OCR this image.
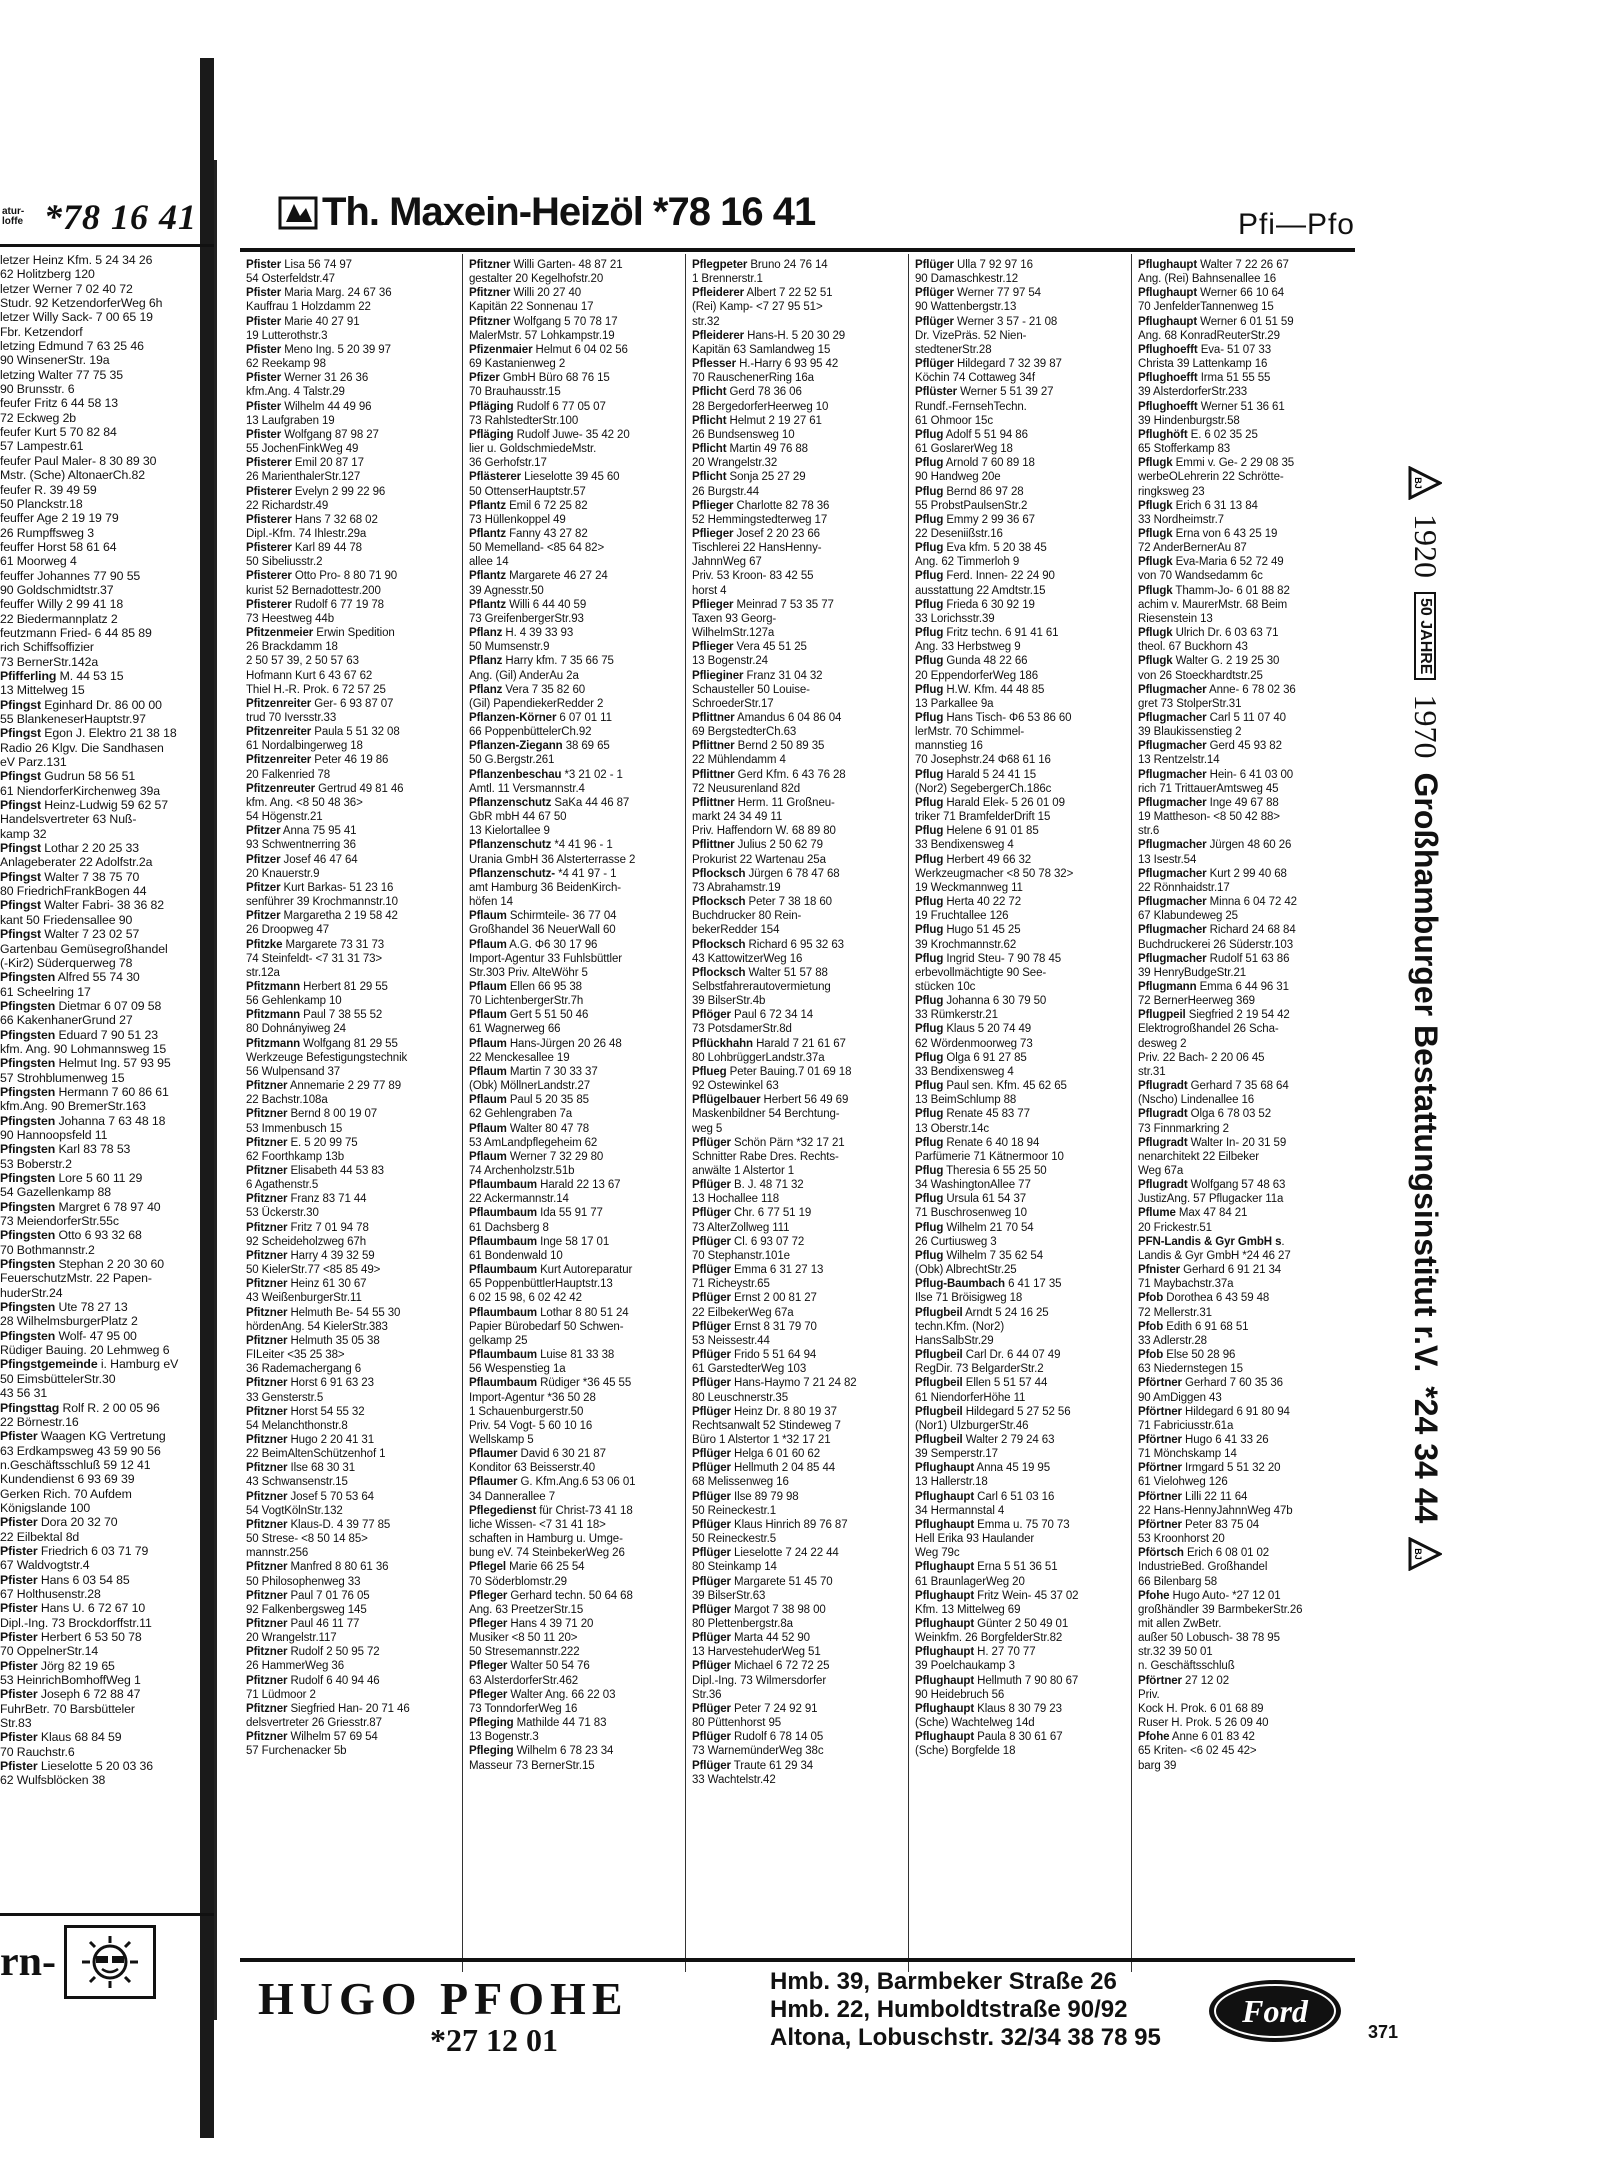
atur- loffe *78 16 41
letzer Heinz Kfm. 5 24 34 26
62 Holitzberg 120
letzer Werner 7 02 40 72
Studr. 92 KetzendorferWeg 6h
letzer Willy Sack- 7 00 65 19
Fbr. Ketzendorf
letzing Edmund 7 63 25 46
90 WinsenerStr. 19a
letzing Walter 77 75 35
90 Brunsstr. 6
feufer Fritz 6 44 58 13
72 Eckweg 2b
feufer Kurt 5 70 82 84
57 Lampestr.61
feufer Paul Maler- 8 30 89 30
Mstr. (Sche) AltonaerCh.82
feufer R. 39 49 59
50 Planckstr.18
feuffer Age 2 19 19 79
26 Rumpffsweg 3
feuffer Horst 58 61 64
61 Moorweg 4
feuffer Johannes 77 90 55
90 Goldschmidtstr.37
feuffer Willy 2 99 41 18
22 Biedermannplatz 2
feutzmann Fried- 6 44 85 89
rich Schiffsoffizier
73 BernerStr.142a
Pfifferling M. 44 53 15
13 Mittelweg 15
Pfingst Eginhard Dr. 86 00 00
55 BlankeneserHauptstr.97
Pfingst Egon J. Elektro 21 38 18
Radio 26 Klgv. Die Sandhasen
eV Parz.131
Pfingst Gudrun 58 56 51
61 NiendorferKirchenweg 39a
Pfingst Heinz-Ludwig 59 62 57
Handelsvertreter 63 Nuß-
kamp 32
Pfingst Lothar 2 20 25 33
Anlageberater 22 Adolfstr.2a
Pfingst Walter 7 38 75 70
80 FriedrichFrankBogen 44
Pfingst Walter Fabri- 38 36 82
kant 50 Friedensallee 90
Pfingst Walter 7 23 02 57
Gartenbau Gemüsegroßhandel
(-Kir2) Süderquerweg 78
Pfingsten Alfred 55 74 30
61 Scheelring 17
Pfingsten Dietmar 6 07 09 58
66 KakenhanerGrund 27
Pfingsten Eduard 7 90 51 23
kfm. Ang. 90 Lohmannsweg 15
Pfingsten Helmut Ing. 57 93 95
57 Strohblumenweg 15
Pfingsten Hermann 7 60 86 61
kfm.Ang. 90 BremerStr.163
Pfingsten Johanna 7 63 48 18
90 Hannoopsfeld 11
Pfingsten Karl 83 78 53
53 Boberstr.2
Pfingsten Lore 5 60 11 29
54 Gazellenkamp 88
Pfingsten Margret 6 78 97 40
73 MeiendorferStr.55c
Pfingsten Otto 6 93 32 68
70 Bothmannstr.2
Pfingsten Stephan 2 20 30 60
FeuerschutzMstr. 22 Papen-
huderStr.24
Pfingsten Ute 78 27 13
28 WilhelmsburgerPlatz 2
Pfingsten Wolf- 47 95 00
Rüdiger Bauing. 20 Lehmweg 6
Pfingstgemeinde i. Hamburg eV
50 EimsbüttelerStr.30
43 56 31
Pfingsttag Rolf R. 2 00 05 96
22 Börnestr.16
Pfister Waagen KG Vertretung
63 Erdkampsweg 43 59 90 56
n.Geschäftsschluß 59 12 41
Kundendienst 6 93 69 39
Gerken Rich. 70 Aufdem
Königslande 100
Pfister Dora 20 32 70
22 Eilbektal 8d
Pfister Friedrich 6 03 71 79
67 Waldvogtstr.4
Pfister Hans 6 03 54 85
67 Holthusenstr.28
Pfister Hans U. 6 72 67 10
Dipl.-Ing. 73 Brockdorffstr.11
Pfister Herbert 6 53 50 78
70 OppelnerStr.14
Pfister Jörg 82 19 65
53 HeinrichBomhoffWeg 1
Pfister Joseph 6 72 88 47
FuhrBetr. 70 Barsbütteler
Str.83
Pfister Klaus 68 84 59
70 Rauchstr.6
Pfister Lieselotte 5 20 03 36
62 Wulfsblöcken 38
rn-
Th. Maxein-Heizöl *78 16 41	Pfi—Pfo
Pfister Lisa 56 74 97
54 Osterfeldstr.47
Pfister Maria Marg. 24 67 36
Kauffrau 1 Holzdamm 22
Pfister Marie 40 27 91
19 Lutterothstr.3
Pfister Meno Ing. 5 20 39 97
62 Reekamp 98
Pfister Werner 31 26 36
kfm.Ang. 4 Talstr.29
Pfister Wilhelm 44 49 96
13 Laufgraben 19
Pfister Wolfgang 87 98 27
55 JochenFinkWeg 49
Pfisterer Emil 20 87 17
26 MarienthalerStr.127
Pfisterer Evelyn 2 99 22 96
22 Richardstr.49
Pfisterer Hans 7 32 68 02
Dipl.-Kfm. 74 Ihlestr.29a
Pfisterer Karl 89 44 78
50 Sibeliusstr.2
Pfisterer Otto Pro- 8 80 71 90
kurist 52 Bernadottestr.200
Pfisterer Rudolf 6 77 19 78
73 Heestweg 44b
Pfitzenmeier Erwin Spedition
26 Brackdamm 18
2 50 57 39, 2 50 57 63
Hofmann Kurt 6 43 67 62
Thiel H.-R. Prok. 6 72 57 25
Pfitzenreiter Ger- 6 93 87 07
trud 70 Iversstr.33
Pfitzenreiter Paula 5 51 32 08
61 Nordalbingerweg 18
Pfitzenreiter Peter 46 19 86
20 Falkenried 78
Pfitzenreuter Gertrud 49 81 46
kfm. Ang. <8 50 48 36>
54 Högenstr.21
Pfitzer Anna 75 95 41
93 Schwentnerring 36
Pfitzer Josef 46 47 64
20 Knauerstr.9
Pfitzer Kurt Barkas- 51 23 16
senführer 39 Krochmannstr.10
Pfitzer Margaretha 2 19 58 42
26 Droopweg 47
Pfitzke Margarete 73 31 73
74 Steinfeldt- <7 31 31 73>
str.12a
Pfitzmann Herbert 81 29 55
56 Gehlenkamp 10
Pfitzmann Paul 7 38 55 52
80 Dohnányiweg 24
Pfitzmann Wolfgang 81 29 55
Werkzeuge Befestigungstechnik
56 Wulpensand 37
Pfitzner Annemarie 2 29 77 89
22 Bachstr.108a
Pfitzner Bernd 8 00 19 07
53 Immenbusch 15
Pfitzner E. 5 20 99 75
62 Foorthkamp 13b
Pfitzner Elisabeth 44 53 83
6 Agathenstr.5
Pfitzner Franz 83 71 44
53 Ückerstr.30
Pfitzner Fritz 7 01 94 78
92 Scheideholzweg 67h
Pfitzner Harry 4 39 32 59
50 KielerStr.77 <85 85 49>
Pfitzner Heinz 61 30 67
43 WeißenburgerStr.11
Pfitzner Helmuth Be- 54 55 30
hördenAng. 54 KielerStr.383
Pfitzner Helmuth 35 05 38
FILeiter <35 25 38>
36 Rademachergang 6
Pfitzner Horst 6 91 63 23
33 Gensterstr.5
Pfitzner Horst 54 55 32
54 Melanchthonstr.8
Pfitzner Hugo 2 20 41 31
22 BeimAltenSchützenhof 1
Pfitzner Ilse 68 30 31
43 Schwansenstr.15
Pfitzner Josef 5 70 53 64
54 VogtKölnStr.132
Pfitzner Klaus-D. 4 39 77 85
50 Strese- <8 50 14 85>
mannstr.256
Pfitzner Manfred 8 80 61 36
50 Philosophenweg 33
Pfitzner Paul 7 01 76 05
92 Falkenbergsweg 145
Pfitzner Paul 46 11 77
20 Wrangelstr.117
Pfitzner Rudolf 2 50 95 72
26 HammerWeg 36
Pfitzner Rudolf 6 40 94 46
71 Lüdmoor 2
Pfitzner Siegfried Han- 20 71 46
delsvertreter 26 Griesstr.87
Pfitzner Wilhelm 57 69 54
57 Furchenacker 5b
Pfitzner Willi Garten- 48 87 21
gestalter 20 Kegelhofstr.20
Pfitzner Willi 20 27 40
Kapitän 22 Sonnenau 17
Pfitzner Wolfgang 5 70 78 17
MalerMstr. 57 Lohkampstr.19
Pfizenmaier Helmut 6 04 02 56
69 Kastanienweg 2
Pfizer GmbH Büro 68 76 15
70 Brauhausstr.15
Pfläging Rudolf 6 77 05 07
73 RahlstedterStr.100
Pfläging Rudolf Juwe- 35 42 20
lier u. GoldschmiedeMstr.
36 Gerhofstr.17
Pflästerer Lieselotte 39 45 60
50 OttenserHauptstr.57
Pflantz Emil 6 72 25 82
73 Hüllenkoppel 49
Pflantz Fanny 43 27 82
50 Memelland- <85 64 82>
allee 14
Pflantz Margarete 46 27 24
39 Agnesstr.50
Pflantz Willi 6 44 40 59
73 GreifenbergerStr.93
Pflanz H. 4 39 33 93
50 Mumsenstr.9
Pflanz Harry kfm. 7 35 66 75
Ang. (Gil) AnderAu 2a
Pflanz Vera 7 35 82 60
(Gil) PapendiekerRedder 2
Pflanzen-Körner 6 07 01 11
66 PoppenbüttelerCh.92
Pflanzen-Ziegann 38 69 65
50 G.Bergstr.261
Pflanzenbeschau *3 21 02 - 1
Amtl. 11 Versmannstr.4
Pflanzenschutz SaKa 44 46 87
GbR mbH 44 67 50
13 Kielortallee 9
Pflanzenschutz *4 41 96 - 1
Urania GmbH 36 Alsterterrasse 2
Pflanzenschutz- *4 41 97 - 1
amt Hamburg 36 BeidenKirch-
höfen 14
Pflaum Schirmteile- 36 77 04
Großhandel 36 NeuerWall 60
Pflaum A.G. Φ6 30 17 96
Import-Agentur 33 Fuhlsbüttler
Str.303 Priv. AlteWöhr 5
Pflaum Ellen 66 95 38
70 LichtenbergerStr.7h
Pflaum Gert 5 51 50 46
61 Wagnerweg 66
Pflaum Hans-Jürgen 20 26 48
22 Menckesallee 19
Pflaum Martin 7 30 33 37
(Obk) MöllnerLandstr.27
Pflaum Paul 5 20 35 85
62 Gehlengraben 7a
Pflaum Walter 80 47 78
53 AmLandpflegeheim 62
Pflaum Werner 7 32 29 80
74 Archenholzstr.51b
Pflaumbaum Harald 22 13 67
22 Ackermannstr.14
Pflaumbaum Ida 55 91 77
61 Dachsberg 8
Pflaumbaum Inge 58 17 01
61 Bondenwald 10
Pflaumbaum Kurt Autoreparatur
65 PoppenbüttlerHauptstr.13
6 02 15 98, 6 02 42 42
Pflaumbaum Lothar 8 80 51 24
Papier Bürobedarf 50 Schwen-
gelkamp 25
Pflaumbaum Luise 81 33 38
56 Wespenstieg 1a
Pflaumbaum Rüdiger *36 45 55
Import-Agentur *36 50 28
1 Schauenburgerstr.50
Priv. 54 Vogt- 5 60 10 16
Wellskamp 5
Pflaumer David 6 30 21 87
Konditor 63 Beisserstr.40
Pflaumer G. Kfm.Ang.6 53 06 01
34 Dannerallee 7
Pflegedienst für Christ-73 41 18
liche Wissen- <7 31 41 18>
schaften in Hamburg u. Umge-
bung eV. 74 SteinbekerWeg 26
Pflegel Marie 66 25 54
70 Söderblomstr.29
Pfleger Gerhard techn. 50 64 68
Ang. 63 PreetzerStr.15
Pfleger Hans 4 39 71 20
Musiker <8 50 11 20>
50 Stresemannstr.222
Pfleger Walter 50 54 76
63 AlsterdorferStr.462
Pfleger Walter Ang. 66 22 03
73 TonndorferWeg 16
Pfleging Mathilde 44 71 83
13 Bogenstr.3
Pfleging Wilhelm 6 78 23 34
Masseur 73 BernerStr.15
Pflegpeter Bruno 24 76 14
1 Brennerstr.1
Pfleiderer Albert 7 22 52 51
(Rei) Kamp- <7 27 95 51>
str.32
Pfleiderer Hans-H. 5 20 30 29
Kapitän 63 Samlandweg 15
Pflesser H.-Harry 6 93 95 42
70 RauschenerRing 16a
Pflicht Gerd 78 36 06
28 BergedorferHeerweg 10
Pflicht Helmut 2 19 27 61
26 Bundsensweg 10
Pflicht Martin 49 76 88
20 Wrangelstr.32
Pflicht Sonja 25 27 29
26 Burgstr.44
Pflieger Charlotte 82 78 36
52 Hemmingstedterweg 17
Pflieger Josef 2 20 23 66
Tischlerei 22 HansHenny-
JahnnWeg 67
Priv. 53 Kroon- 83 42 55
horst 4
Pflieger Meinrad 7 53 35 77
Taxen 93 Georg-
WilhelmStr.127a
Pflieger Vera 45 51 25
13 Bogenstr.24
Pflieginer Franz 31 04 32
Schausteller 50 Louise-
SchroederStr.17
Pflittner Amandus 6 04 86 04
69 BergstedterCh.63
Pflittner Bernd 2 50 89 35
22 Mühlendamm 4
Pflittner Gerd Kfm. 6 43 76 28
72 Neusurenland 82d
Pflittner Herm. 11 Großneu-
markt 24 34 49 11
Priv. Haffendorn W. 68 89 80
Pflittner Julius 2 50 62 79
Prokurist 22 Wartenau 25a
Pflocksch Jürgen 6 78 47 68
73 Abrahamstr.19
Pflocksch Peter 7 38 18 60
Buchdrucker 80 Rein-
bekerRedder 154
Pflocksch Richard 6 95 32 63
43 KattowitzerWeg 16
Pflocksch Walter 51 57 88
Selbstfahrerautovermietung
39 BilserStr.4b
Pflöger Paul 6 72 34 14
73 PotsdamerStr.8d
Pflückhahn Harald 7 21 61 67
80 LohbrüggerLandstr.37a
Pflueg Peter Bauing.7 01 69 18
92 Ostewinkel 63
Pflügelbauer Herbert 56 49 69
Maskenbildner 54 Berchtung-
weg 5
Pflüger Schön Pärn *32 17 21
Schnitter Rabe Dres. Rechts-
anwälte 1 Alstertor 1
Pflüger B. J. 48 71 32
13 Hochallee 118
Pflüger Chr. 6 77 51 19
73 AlterZollweg 111
Pflüger Cl. 6 93 07 72
70 Stephanstr.101e
Pflüger Emma 6 31 27 13
71 Richeystr.65
Pflüger Ernst 2 00 81 27
22 EilbekerWeg 67a
Pflüger Ernst 8 31 79 70
53 Neissestr.44
Pflüger Frido 5 51 64 94
61 GarstedterWeg 103
Pflüger Hans-Haymo 7 21 24 82
80 Leuschnerstr.35
Pflüger Heinz Dr. 8 80 19 37
Rechtsanwalt 52 Stindeweg 7
Büro 1 Alstertor 1 *32 17 21
Pflüger Helga 6 01 60 62
Pflüger Hellmuth 2 04 85 44
68 Melissenweg 16
Pflüger Ilse 89 79 98
50 Reineckestr.1
Pflüger Klaus Hinrich 89 76 87
50 Reineckestr.5
Pflüger Lieselotte 7 24 22 44
80 Steinkamp 14
Pflüger Margarete 51 45 70
39 BilserStr.63
Pflüger Margot 7 38 98 00
80 Plettenbergstr.8a
Pflüger Marta 44 52 90
13 HarvestehuderWeg 51
Pflüger Michael 6 72 72 25
Dipl.-Ing. 73 Wilmersdorfer
Str.36
Pflüger Peter 7 24 92 91
80 Püttenhorst 95
Pflüger Rudolf 6 78 14 05
73 WarnemünderWeg 38c
Pflüger Traute 61 29 34
33 Wachtelstr.42
Pflüger Ulla 7 92 97 16
90 Damaschkestr.12
Pflüger Werner 77 97 54
90 Wattenbergstr.13
Pflüger Werner 3 57 - 21 08
Dr. VizePräs. 52 Nien-
stedtenerStr.28
Pflüger Hildegard 7 32 39 87
Köchin 74 Cottaweg 34f
Pflüster Werner 5 51 39 27
Rundf.-FernsehTechn.
61 Ohmoor 15c
Pflug Adolf 5 51 94 86
61 GoslarerWeg 18
Pflug Arnold 7 60 89 18
90 Handweg 20e
Pflug Bernd 86 97 28
55 ProbstPaulsenStr.2
Pflug Emmy 2 99 36 67
22 Deseniißstr.16
Pflug Eva kfm. 5 20 38 45
Ang. 62 Timmerloh 9
Pflug Ferd. Innen- 22 24 90
ausstattung 22 Amdtstr.15
Pflug Frieda 6 30 92 19
33 Lorichsstr.39
Pflug Fritz techn. 6 91 41 61
Ang. 33 Herbstweg 9
Pflug Gunda 48 22 66
20 EppendorferWeg 186
Pflug H.W. Kfm. 44 48 85
13 Parkallee 9a
Pflug Hans Tisch- Φ6 53 86 60
lerMstr. 70 Schimmel-
mannstieg 16
70 Josephstr.24 Φ68 61 16
Pflug Harald 5 24 41 15
(Nor2) SegebergerCh.186c
Pflug Harald Elek- 5 26 01 09
triker 71 BramfelderDrift 15
Pflug Helene 6 91 01 85
33 Bendixensweg 4
Pflug Herbert 49 66 32
Werkzeugmacher <8 50 78 32>
19 Weckmannweg 11
Pflug Herta 40 22 72
19 Fruchtallee 126
Pflug Hugo 51 45 25
39 Krochmannstr.62
Pflug Ingrid Steu- 7 90 78 45
erbevollmächtigte 90 See-
stücken 10c
Pflug Johanna 6 30 79 50
33 Rümkerstr.21
Pflug Klaus 5 20 74 49
62 Wördenmoorweg 73
Pflug Olga 6 91 27 85
33 Bendixensweg 4
Pflug Paul sen. Kfm. 45 62 65
13 BeimSchlump 88
Pflug Renate 45 83 77
13 Oberstr.14c
Pflug Renate 6 40 18 94
Parfümerie 71 Kätnermoor 10
Pflug Theresia 6 55 25 50
34 WashingtonAllee 77
Pflug Ursula 61 54 37
71 Buschrosenweg 10
Pflug Wilhelm 21 70 54
26 Curtiusweg 3
Pflug Wilhelm 7 35 62 54
(Obk) AlbrechtStr.25
Pflug-Baumbach 6 41 17 35
Ilse 71 Bröisigweg 18
Pflugbeil Arndt 5 24 16 25
techn.Kfm. (Nor2)
HansSalbStr.29
Pflugbeil Carl Dr. 6 44 07 49
RegDir. 73 BelgarderStr.2
Pflugbeil Ellen 5 51 57 44
61 NiendorferHöhe 11
Pflugbeil Hildegard 5 27 52 56
(Nor1) UlzburgerStr.46
Pflugbeil Walter 2 79 24 63
39 Semperstr.17
Pflughaupt Anna 45 19 95
13 Hallerstr.18
Pflughaupt Carl 6 51 03 16
34 Hermannstal 4
Pflughaupt Emma u. 75 70 73
Hell Erika 93 Haulander
Weg 79c
Pflughaupt Erna 5 51 36 51
61 BraunlagerWeg 20
Pflughaupt Fritz Wein- 45 37 02
Kfm. 13 Mittelweg 69
Pflughaupt Günter 2 50 49 01
Weinkfm. 26 BorgfelderStr.82
Pflughaupt H. 27 70 77
39 Poelchaukamp 3
Pflughaupt Hellmuth 7 90 80 67
90 Heidebruch 56
Pflughaupt Klaus 8 30 79 23
(Sche) Wachtelweg 14d
Pflughaupt Paula 8 30 61 67
(Sche) Borgfelde 18
Pflughaupt Walter 7 22 26 67
Ang. (Rei) Bahnsenallee 16
Pflughaupt Werner 66 10 64
70 JenfelderTannenweg 15
Pflughaupt Werner 6 01 51 59
Ang. 68 KonradReuterStr.29
Pflughoefft Eva- 51 07 33
Christa 39 Lattenkamp 16
Pflughoefft Irma 51 55 55
39 AlsterdorferStr.233
Pflughoefft Werner 51 36 61
39 Hindenburgstr.58
Pflughöft E. 6 02 35 25
65 Stofferkamp 83
Pflugk Emmi v. Ge- 2 29 08 35
werbeOLehrerin 22 Schrötte-
ringksweg 23
Pflugk Erich 6 31 13 84
33 Nordheimstr.7
Pflugk Erna von 6 43 25 19
72 AnderBernerAu 87
Pflugk Eva-Maria 6 52 72 49
von 70 Wandsedamm 6c
Pflugk Thamm-Jo- 6 01 88 82
achim v. MaurerMstr. 68 Beim
Riesenstein 13
Pflugk Ulrich Dr. 6 03 63 71
theol. 67 Buckhorn 43
Pflugk Walter G. 2 19 25 30
von 26 Stoeckhardtstr.25
Pflugmacher Anne- 6 78 02 36
gret 73 StolperStr.31
Pflugmacher Carl 5 11 07 40
39 Blaukissenstieg 2
Pflugmacher Gerd 45 93 82
13 Rentzelstr.14
Pflugmacher Hein- 6 41 03 00
rich 71 TrittauerAmtsweg 45
Pflugmacher Inge 49 67 88
19 Mattheson- <8 50 42 88>
str.6
Pflugmacher Jürgen 48 60 26
13 Isestr.54
Pflugmacher Kurt 2 99 40 68
22 Rönnhaidstr.17
Pflugmacher Minna 6 04 72 42
67 Klabundeweg 25
Pflugmacher Richard 24 68 84
Buchdruckerei 26 Süderstr.103
Pflugmacher Rudolf 51 63 86
39 HenryBudgeStr.21
Pflugmann Emma 6 44 96 31
72 BernerHeerweg 369
Pflugpeil Siegfried 2 19 54 42
Elektrogroßhandel 26 Scha-
desweg 2
Priv. 22 Bach- 2 20 06 45
str.31
Pflugradt Gerhard 7 35 68 64
(Nscho) Lindenallee 16
Pflugradt Olga 6 78 03 52
73 Finnmarkring 2
Pflugradt Walter In- 20 31 59
nenarchitekt 22 Eilbeker
Weg 67a
Pflugradt Wolfgang 57 48 63
JustizAng. 57 Pflugacker 11a
Pflume Max 47 84 21
20 Frickestr.51
PFN-Landis & Gyr GmbH s.
Landis & Gyr GmbH *24 46 27
Pfnister Gerhard 6 91 21 34
71 Maybachstr.37a
Pfob Dorothea 6 43 59 48
72 Mellerstr.31
Pfob Edith 6 91 68 51
33 Adlerstr.28
Pfob Else 50 28 96
63 Niedernstegen 15
Pförtner Gerhard 7 60 35 36
90 AmDiggen 43
Pförtner Hildegard 6 91 80 94
71 Fabriciusstr.61a
Pförtner Hugo 6 41 33 26
71 Mönchskamp 14
Pförtner Irmgard 5 51 32 20
61 Vielohweg 126
Pförtner Lilli 22 11 64
22 Hans-HennyJahnnWeg 47b
Pförtner Peter 83 75 04
53 Kroonhorst 20
Pförtsch Erich 6 08 01 02
IndustrieBed. Großhandel
66 Bilenbarg 58
Pfohe Hugo Auto- *27 12 01
großhändler 39 BarmbekerStr.26
mit allen ZwBetr.
außer 50 Lobusch- 38 78 95
str.32 39 50 01
n. Geschäftsschluß
Pförtner 27 12 02
Priv.
Kock H. Prok. 6 01 68 89
Ruser H. Prok. 5 26 09 40
Pfohe Anne 6 01 83 42
65 Kriten- <6 02 45 42>
barg 39
BJ
1920
50 JAHRE
1970
Großhamburger Bestattungsinstitut r.V.
*24 34 44
BJ
HUGO PFOHE
*27 12 01
Hmb. 39, Barmbeker Straße 26
Hmb. 22, Humboldtstraße 90/92
Altona, Lobuschstr. 32/34 38 78 95
Ford
371
